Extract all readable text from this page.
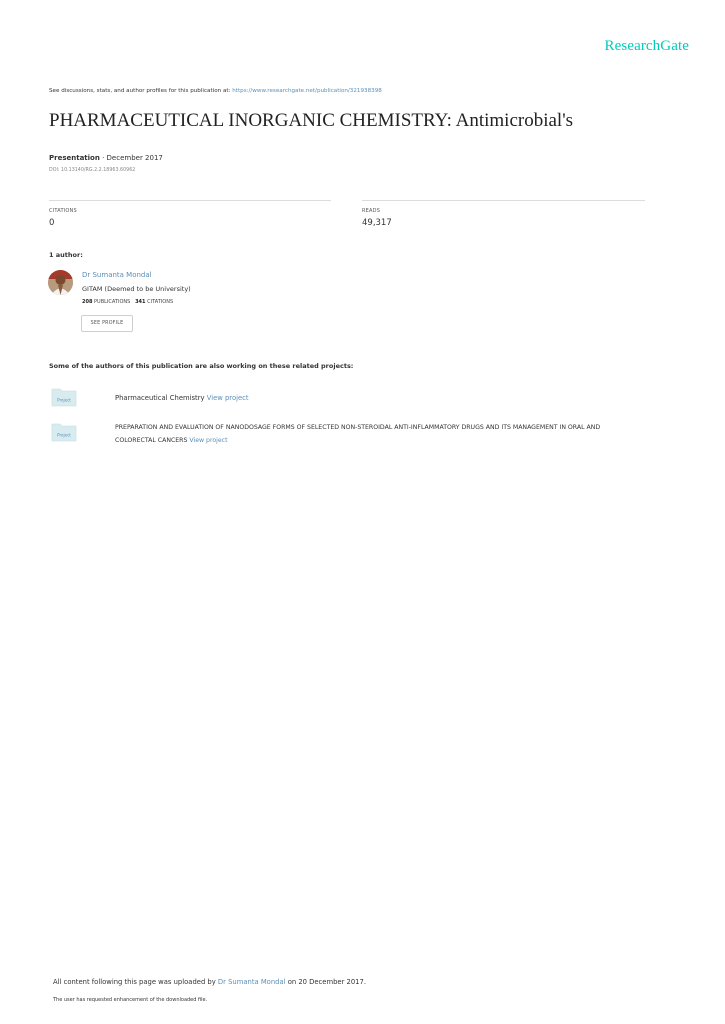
ResearchGate
See discussions, stats, and author profiles for this publication at: https://www.researchgate.net/publication/321938398
PHARMACEUTICAL INORGANIC CHEMISTRY: Antimicrobial's
Presentation · December 2017
DOI: 10.13140/RG.2.2.18963.60962
CITATIONS
0
READS
49,317
1 author:
Dr Sumanta Mondal
GITAM (Deemed to be University)
208 PUBLICATIONS 341 CITATIONS
SEE PROFILE
Some of the authors of this publication are also working on these related projects:
Project	Pharmaceutical Chemistry View project
Project
PREPARATION AND EVALUATION OF NANODOSAGE FORMS OF SELECTED NON-STEROIDAL ANTI-INFLAMMATORY DRUGS AND ITS MANAGEMENT IN ORAL AND
COLORECTAL CANCERS View project
All content following this page was uploaded by Dr Sumanta Mondal on 20 December 2017.
The user has requested enhancement of the downloaded file.
